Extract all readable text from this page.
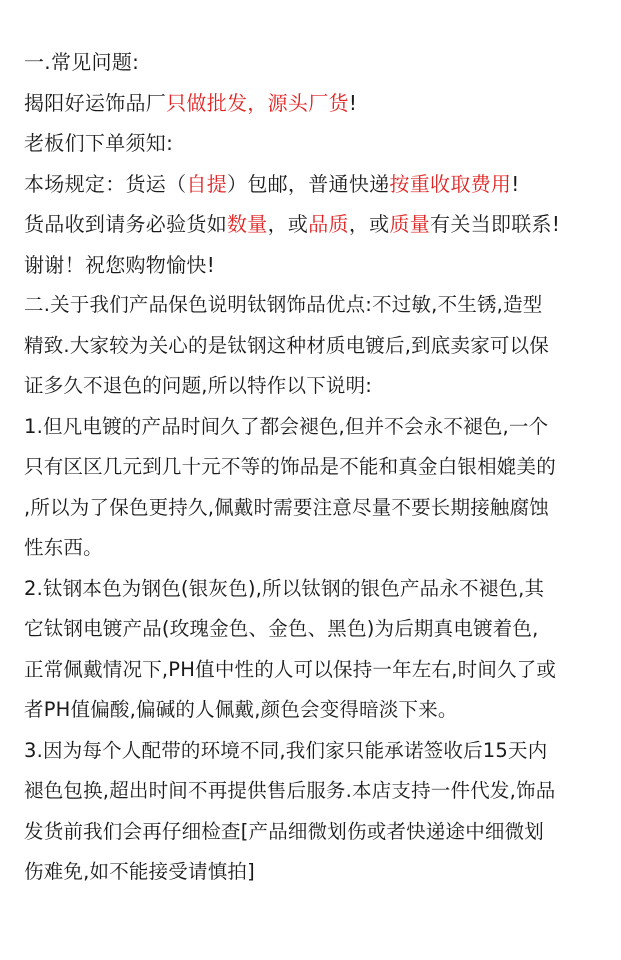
一.常见问题:
揭阳好运饰品厂只做批发，源头厂货!
老板们下单须知:
本场规定：货运（自提）包邮，普通快递按重收取费用!
货品收到请务必验货如数量，或品质，或质量有关当即联系!
谢谢！祝您购物愉快!
二.关于我们产品保色说明钛钢饰品优点:不过敏,不生锈,造型
精致.大家较为关心的是钛钢这种材质电镀后,到底卖家可以保
证多久不退色的问题,所以特作以下说明:
1.但凡电镀的产品时间久了都会褪色,但并不会永不褪色,一个
只有区区几元到几十元不等的饰品是不能和真金白银相媲美的
,所以为了保色更持久,佩戴时需要注意尽量不要长期接触腐蚀
性东西。
2.钛钢本色为钢色(银灰色),所以钛钢的银色产品永不褪色,其
它钛钢电镀产品(玫瑰金色、金色、黑色)为后期真电镀着色,
正常佩戴情况下,PH值中性的人可以保持一年左右,时间久了或
者PH值偏酸,偏碱的人佩戴,颜色会变得暗淡下来。
3.因为每个人配带的环境不同,我们家只能承诺签收后15天内
褪色包换,超出时间不再提供售后服务.本店支持一件代发,饰品
发货前我们会再仔细检查[产品细微划伤或者快递途中细微划
伤难免,如不能接受请慎拍]
